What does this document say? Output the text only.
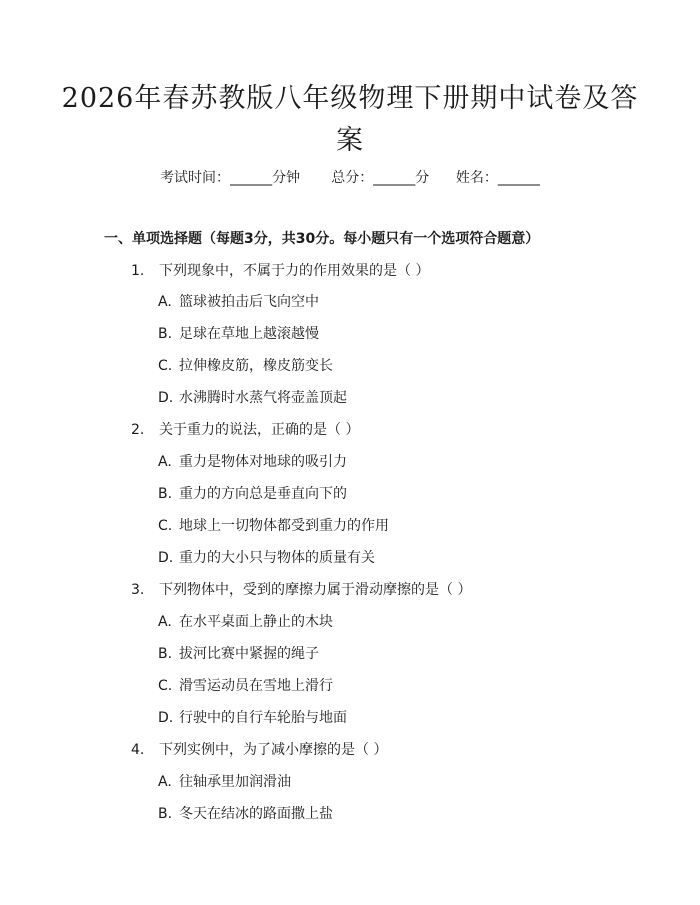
2026年春苏教版八年级物理下册期中试卷及答案
考试时间：______分钟 总分：______分 姓名：______
一、单项选择题（每题3分，共30分。每小题只有一个选项符合题意）
1. 下列现象中，不属于力的作用效果的是（ ）
A. 篮球被拍击后飞向空中
B. 足球在草地上越滚越慢
C. 拉伸橡皮筋，橡皮筋变长
D. 水沸腾时水蒸气将壶盖顶起
2. 关于重力的说法，正确的是（ ）
A. 重力是物体对地球的吸引力
B. 重力的方向总是垂直向下的
C. 地球上一切物体都受到重力的作用
D. 重力的大小只与物体的质量有关
3. 下列物体中，受到的摩擦力属于滑动摩擦的是（ ）
A. 在水平桌面上静止的木块
B. 拔河比赛中紧握的绳子
C. 滑雪运动员在雪地上滑行
D. 行驶中的自行车轮胎与地面
4. 下列实例中，为了减小摩擦的是（ ）
A. 往轴承里加润滑油
B. 冬天在结冰的路面撒上盐
